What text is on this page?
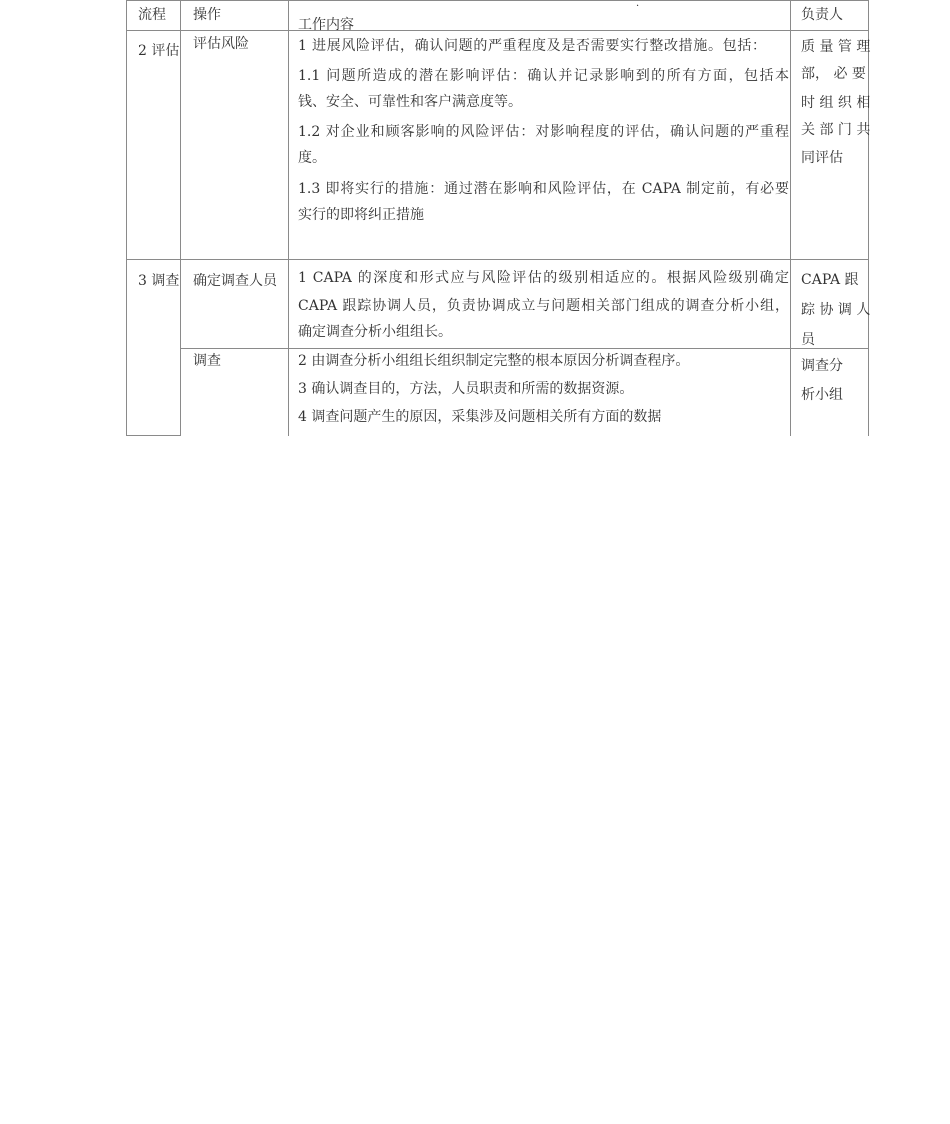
流程 操作
工作内容
·
负责人
2 评估 评估风险	1 进展风险评估，确认问题的严重程度及是否需要实行整改措施。包括：
1.1 问题所造成的潜在影响评估：确认并记录影响到的所有方面，包括本
钱、安全、可靠性和客户满意度等。
1.2 对企业和顾客影响的风险评估：对影响程度的评估，确认问题的严重程
度。
1.3 即将实行的措施：通过潜在影响和风险评估，在 CAPA 制定前，有必要
实行的即将纠正措施
质 量 管 理
部， 必 要
时 组 织 相
关 部 门 共
同评估
3 调查 确定调查人员 1 CAPA 的深度和形式应与风险评估的级别相适应的。根据风险级别确定
CAPA 跟踪协调人员，负责协调成立与问题相关部门组成的调查分析小组，
确定调查分析小组组长。
CAPA 跟
踪 协 调 人
员
调查	2 由调查分析小组组长组织制定完整的根本原因分析调查程序。
3 确认调查目的，方法，人员职责和所需的数据资源。
4 调查问题产生的原因，采集涉及问题相关所有方面的数据
调查分
析小组
